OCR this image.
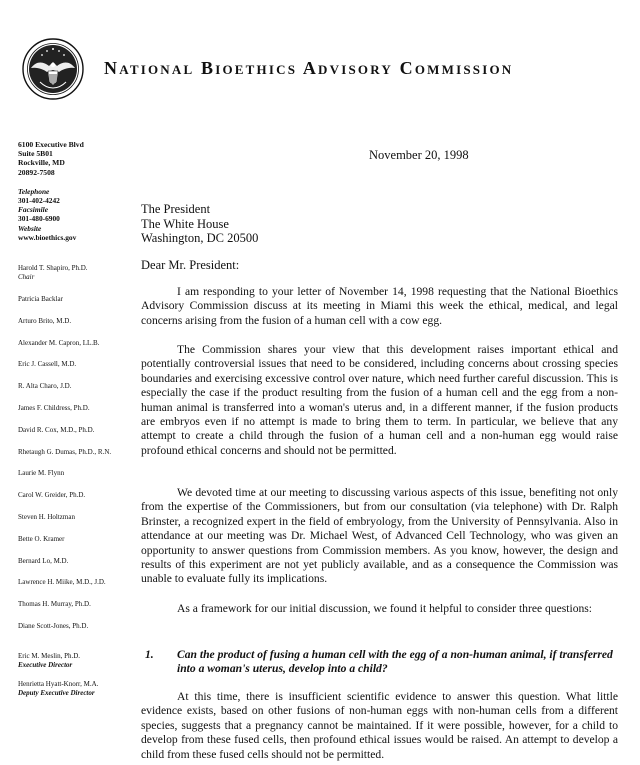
National Bioethics Advisory Commission
6100 Executive Blvd
Suite 5B01
Rockville, MD
20892-7508
Telephone
301-402-4242
Facsimile
301-480-6900
Website
www.bioethics.gov
Harold T. Shapiro, Ph.D.
Chair
Patricia Backlar
Arturo Brito, M.D.
Alexander M. Capron, LL.B.
Eric J. Cassell, M.D.
R. Alta Charo, J.D.
James F. Childress, Ph.D.
David R. Cox, M.D., Ph.D.
Rhetaugh G. Dumas, Ph.D., R.N.
Laurie M. Flynn
Carol W. Greider, Ph.D.
Steven H. Holtzman
Bette O. Kramer
Bernard Lo, M.D.
Lawrence H. Miike, M.D., J.D.
Thomas H. Murray, Ph.D.
Diane Scott-Jones, Ph.D.
Eric M. Meslin, Ph.D.
Executive Director
Henrietta Hyatt-Knorr, M.A.
Deputy Executive Director
November 20, 1998
The President
The White House
Washington, DC 20500
Dear Mr. President:

I am responding to your letter of November 14, 1998 requesting that the National Bioethics Advisory Commission discuss at its meeting in Miami this week the ethical, medical, and legal concerns arising from the fusion of a human cell with a cow egg.

The Commission shares your view that this development raises important ethical and potentially controversial issues that need to be considered, including concerns about crossing species boundaries and exercising excessive control over nature, which need further careful discussion. This is especially the case if the product resulting from the fusion of a human cell and the egg from a non-human animal is transferred into a woman's uterus and, in a different manner, if the fusion products are embryos even if no attempt is made to bring them to term. In particular, we believe that any attempt to create a child through the fusion of a human cell and a non-human egg would raise profound ethical concerns and should not be permitted.

We devoted time at our meeting to discussing various aspects of this issue, benefiting not only from the expertise of the Commissioners, but from our consultation (via telephone) with Dr. Ralph Brinster, a recognized expert in the field of embryology, from the University of Pennsylvania. Also in attendance at our meeting was Dr. Michael West, of Advanced Cell Technology, who was given an opportunity to answer questions from Commission members. As you know, however, the design and results of this experiment are not yet publicly available, and as a consequence the Commission was unable to evaluate fully its implications.

As a framework for our initial discussion, we found it helpful to consider three questions:

1. Can the product of fusing a human cell with the egg of a non-human animal, if transferred into a woman's uterus, develop into a child?

At this time, there is insufficient scientific evidence to answer this question. What little evidence exists, based on other fusions of non-human eggs with non-human cells from a different species, suggests that a pregnancy cannot be maintained. If it were possible, however, for a child to develop from these fused cells, then profound ethical issues would be raised. An attempt to develop a child from these fused cells should not be permitted.
